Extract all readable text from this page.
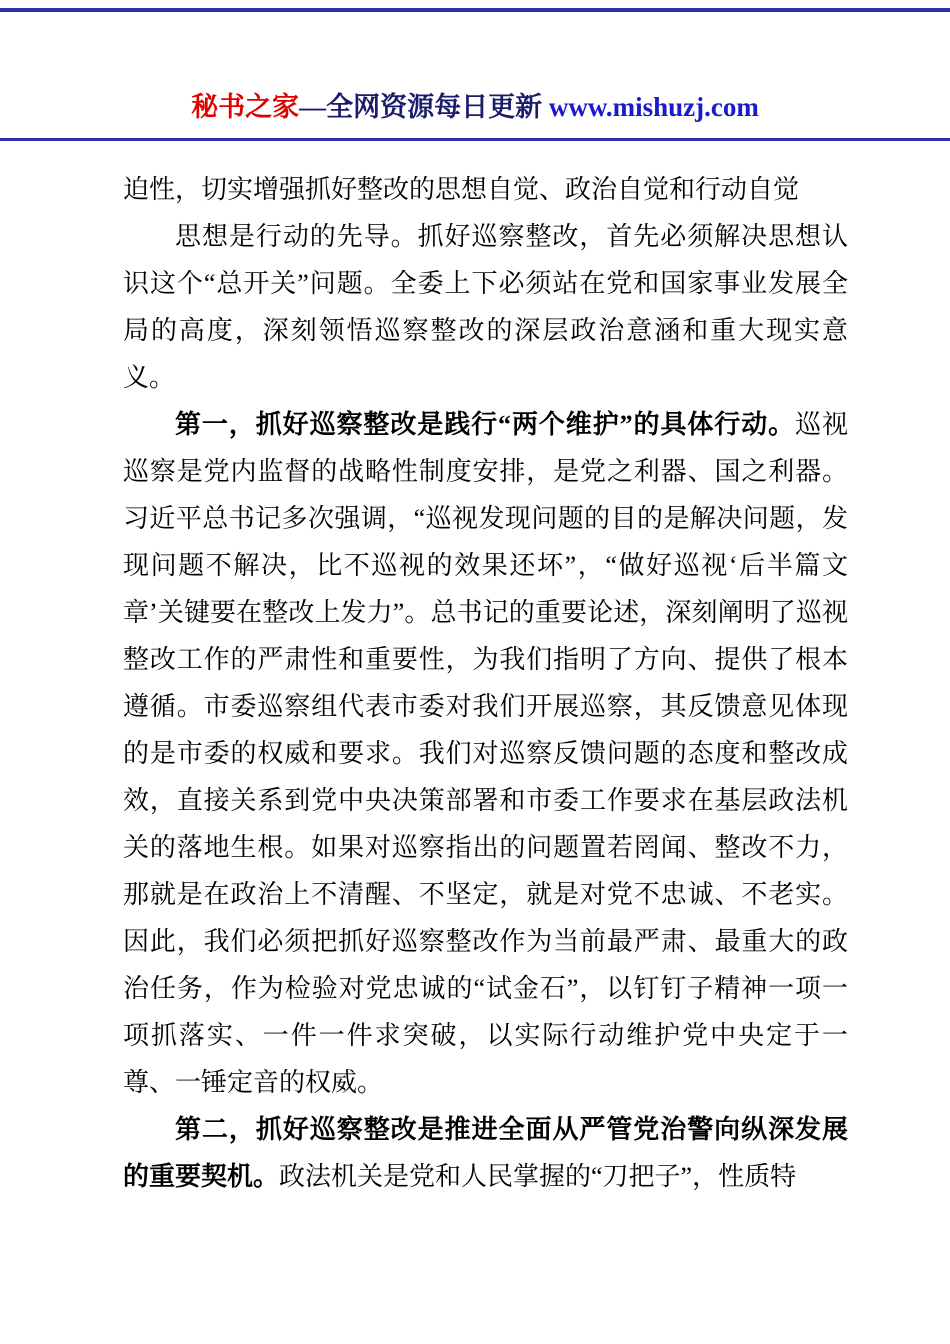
秘书之家—全网资源每日更新 www.mishuzj.com

迫性，切实增强抓好整改的思想自觉、政治自觉和行动自觉

思想是行动的先导。抓好巡察整改，首先必须解决思想认识这个“总开关”问题。全委上下必须站在党和国家事业发展全局的高度，深刻领悟巡察整改的深层政治意涵和重大现实意义。

第一，抓好巡察整改是践行“两个维护”的具体行动。巡视巡察是党内监督的战略性制度安排，是党之利器、国之利器。习近平总书记多次强调，“巡视发现问题的目的是解决问题，发现问题不解决，比不巡视的效果还坏”，“做好巡视‘后半篇文章’关键要在整改上发力”。总书记的重要论述，深刻阐明了巡视整改工作的严肃性和重要性，为我们指明了方向、提供了根本遵循。市委巡察组代表市委对我们开展巡察，其反馈意见体现的是市委的权威和要求。我们对巡察反馈问题的态度和整改成效，直接关系到党中央决策部署和市委工作要求在基层政法机关的落地生根。如果对巡察指出的问题置若罔闻、整改不力，那就是在政治上不清醒、不坚定，就是对党不忠诚、不老实。因此，我们必须把抓好巡察整改作为当前最严肃、最重大的政治任务，作为检验对党忠诚的“试金石”，以钉钉子精神一项一项抓落实、一件一件求突破，以实际行动维护党中央定于一尊、一锤定音的权威。

第二，抓好巡察整改是推进全面从严管党治警向纵深发展的重要契机。政法机关是党和人民掌握的“刀把子”，性质特
